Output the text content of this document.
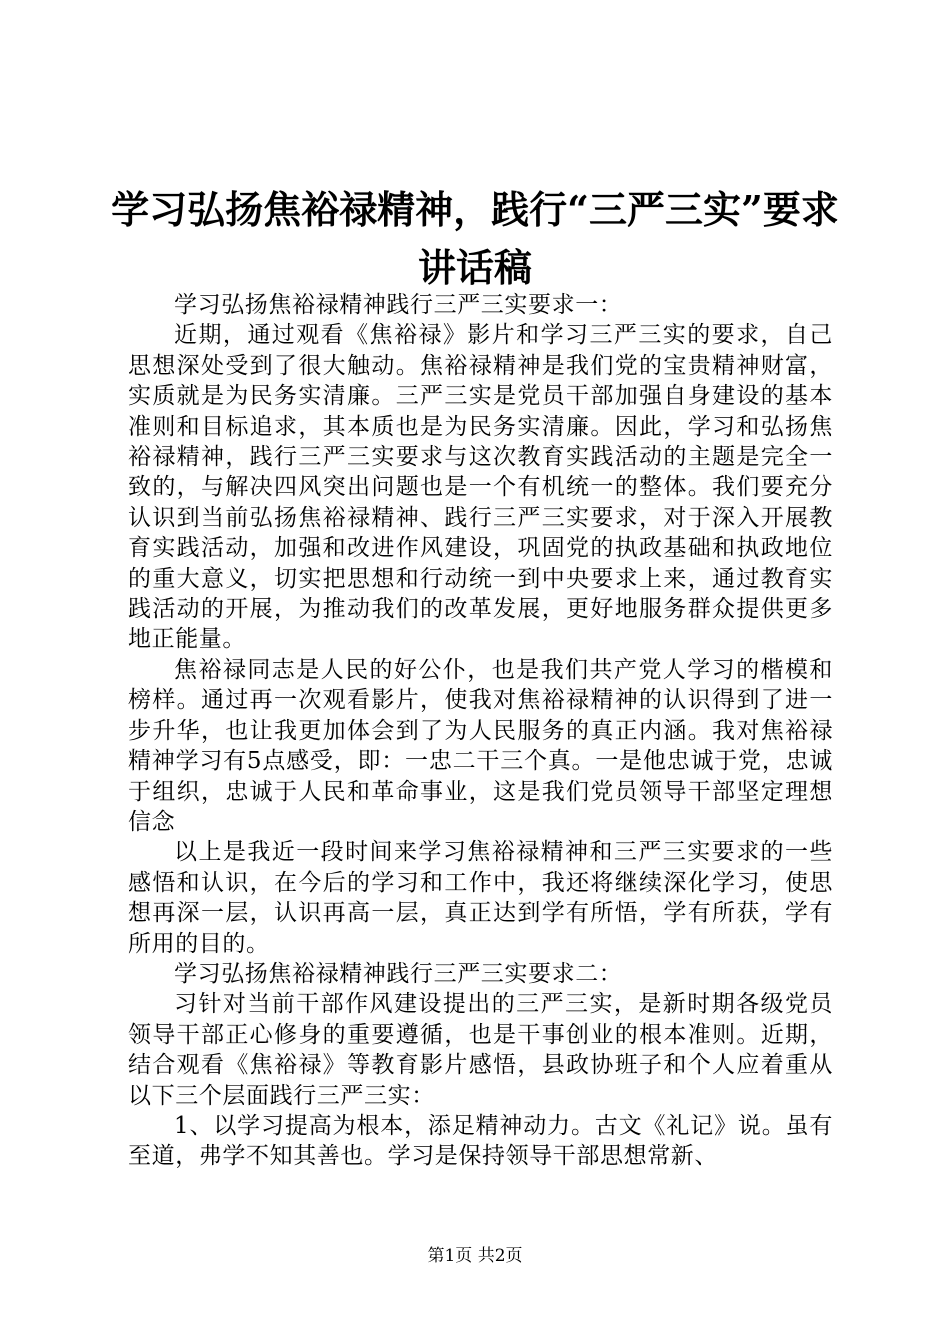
学习弘扬焦裕禄精神，践行“三严三实”要求
讲话稿

学习弘扬焦裕禄精神践行三严三实要求一：

近期，通过观看《焦裕禄》影片和学习三严三实的要求，自己思想深处受到了很大触动。焦裕禄精神是我们党的宝贵精神财富，实质就是为民务实清廉。三严三实是党员干部加强自身建设的基本准则和目标追求，其本质也是为民务实清廉。因此，学习和弘扬焦裕禄精神，践行三严三实要求与这次教育实践活动的主题是完全一致的，与解决四风突出问题也是一个有机统一的整体。我们要充分认识到当前弘扬焦裕禄精神、践行三严三实要求，对于深入开展教育实践活动，加强和改进作风建设，巩固党的执政基础和执政地位的重大意义，切实把思想和行动统一到中央要求上来，通过教育实践活动的开展，为推动我们的改革发展，更好地服务群众提供更多地正能量。

焦裕禄同志是人民的好公仆，也是我们共产党人学习的楷模和榜样。通过再一次观看影片，使我对焦裕禄精神的认识得到了进一步升华，也让我更加体会到了为人民服务的真正内涵。我对焦裕禄精神学习有5点感受，即：一忠二干三个真。一是他忠诚于党，忠诚于组织，忠诚于人民和革命事业，这是我们党员领导干部坚定理想信念

以上是我近一段时间来学习焦裕禄精神和三严三实要求的一些感悟和认识，在今后的学习和工作中，我还将继续深化学习，使思想再深一层，认识再高一层，真正达到学有所悟，学有所获，学有所用的目的。

学习弘扬焦裕禄精神践行三严三实要求二：

习针对当前干部作风建设提出的三严三实，是新时期各级党员领导干部正心修身的重要遵循，也是干事创业的根本准则。近期，结合观看《焦裕禄》等教育影片感悟，县政协班子和个人应着重从以下三个层面践行三严三实：

1、以学习提高为根本，添足精神动力。古文《礼记》说。虽有至道，弗学不知其善也。学习是保持领导干部思想常新、

第1页 共2页
